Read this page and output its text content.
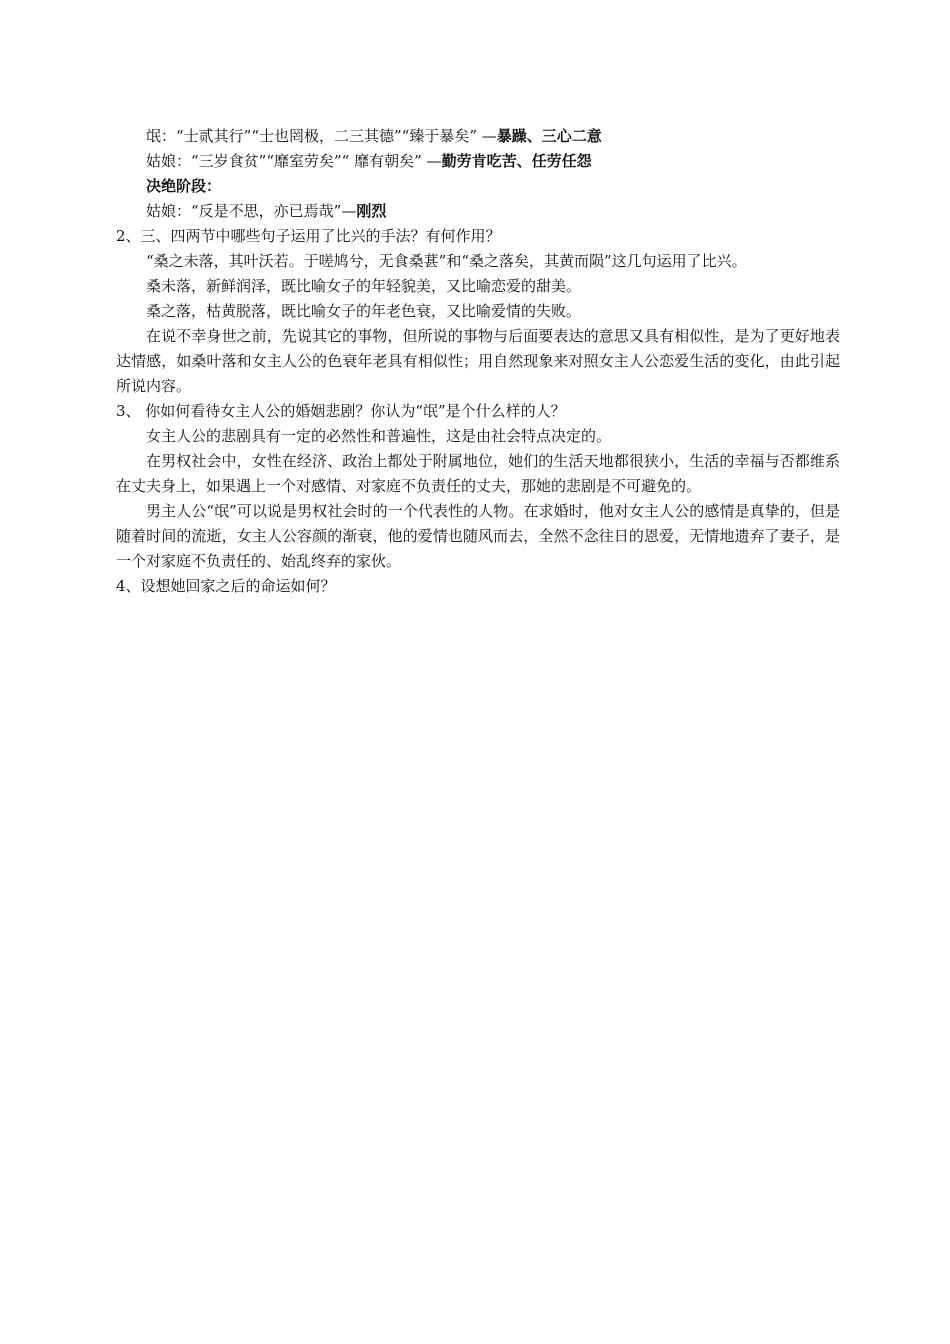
氓：“士贰其行”“士也罔极，二三其德”“臻于暴矣” —暴躁、三心二意
姑娘：“三岁食贫”“靡室劳矣”“ 靡有朝矣” —勤劳肯吃苦、任劳任怨
决绝阶段：
姑娘：“反是不思，亦已焉哉”—刚烈
2、三、四两节中哪些句子运用了比兴的手法？有何作用？
“桑之未落，其叶沃若。于嗟鸠兮，无食桑葚”和“桑之落矣，其黄而陨”这几句运用了比兴。
桑未落，新鲜润泽，既比喻女子的年轻貌美，又比喻恋爱的甜美。
桑之落，枯黄脱落，既比喻女子的年老色衰，又比喻爱情的失败。
在说不幸身世之前，先说其它的事物，但所说的事物与后面要表达的意思又具有相似性，是为了更好地表达情感，如桑叶落和女主人公的色衰年老具有相似性；用自然现象来对照女主人公恋爱生活的变化，由此引起所说内容。
3、 你如何看待女主人公的婚姻悲剧？你认为“氓”是个什么样的人？
女主人公的悲剧具有一定的必然性和普遍性，这是由社会特点决定的。
在男权社会中，女性在经济、政治上都处于附属地位，她们的生活天地都很狭小，生活的幸福与否都维系在丈夫身上，如果遇上一个对感情、对家庭不负责任的丈夫，那她的悲剧是不可避免的。
男主人公“氓”可以说是男权社会时的一个代表性的人物。在求婚时，他对女主人公的感情是真挚的，但是随着时间的流逝，女主人公容颜的渐衰，他的爱情也随风而去，全然不念往日的恩爱，无情地遗弃了妻子，是一个对家庭不负责任的、始乱终弃的家伙。
4、设想她回家之后的命运如何？
